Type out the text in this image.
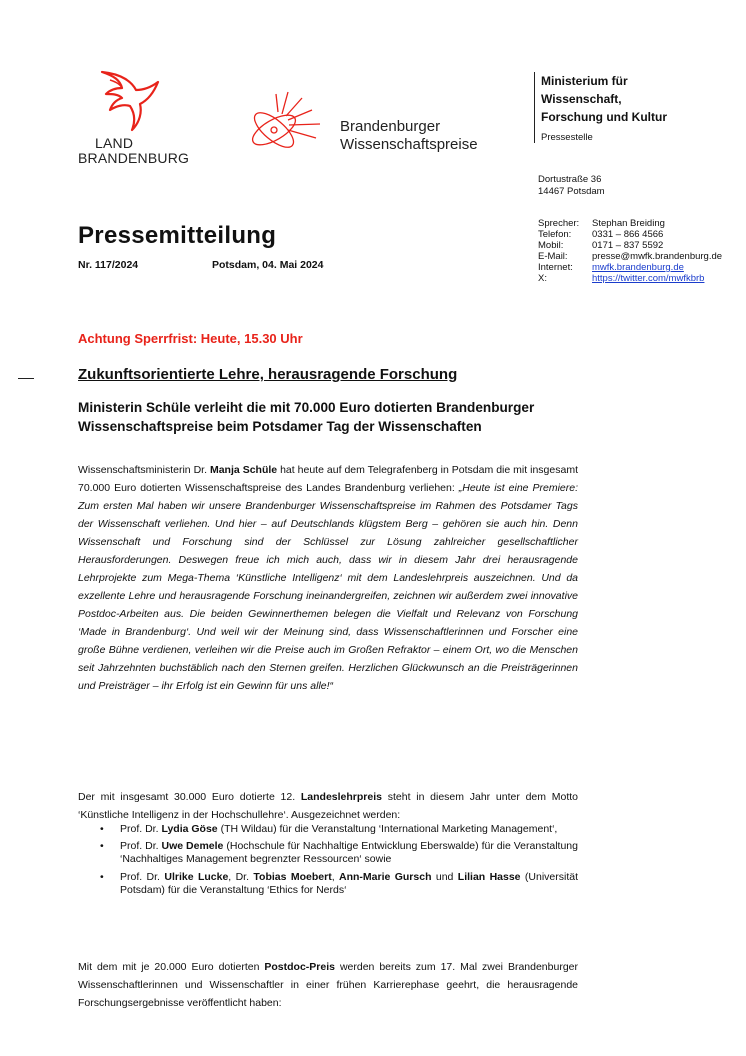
LAND
BRANDENBURG
Brandenburger
Wissenschaftspreise
Ministerium für
Wissenschaft,
Forschung und Kultur
Pressestelle
Dortustraße 36
14467 Potsdam
Sprecher:	Stephan Breiding
Telefon:	0331 – 866 4566
Mobil:	0171 – 837 5592
E-Mail:	presse@mwfk.brandenburg.de
Internet:	mwfk.brandenburg.de
X:	https://twitter.com/mwfkbrb
Pressemitteilung
Nr. 117/2024	Potsdam, 04. Mai 2024
Achtung Sperrfrist: Heute, 15.30 Uhr
Zukunftsorientierte Lehre, herausragende Forschung
Ministerin Schüle verleiht die mit 70.000 Euro dotierten Brandenburger Wissenschaftspreise beim Potsdamer Tag der Wissenschaften
Wissenschaftsministerin Dr. Manja Schüle hat heute auf dem Telegrafenberg in Potsdam die mit insgesamt 70.000 Euro dotierten Wissenschaftspreise des Landes Brandenburg verliehen: „Heute ist eine Premiere: Zum ersten Mal haben wir unsere Brandenburger Wissenschaftspreise im Rahmen des Potsdamer Tags der Wissenschaft verliehen. Und hier – auf Deutschlands klügstem Berg – gehören sie auch hin. Denn Wissenschaft und Forschung sind der Schlüssel zur Lösung zahlreicher gesellschaftlicher Herausforderungen. Deswegen freue ich mich auch, dass wir in diesem Jahr drei herausragende Lehrprojekte zum Mega-Thema ‘Künstliche Intelligenz‘ mit dem Landeslehrpreis auszeichnen. Und da exzellente Lehre und herausragende Forschung ineinandergreifen, zeichnen wir außerdem zwei innovative Postdoc-Arbeiten aus. Die beiden Gewinnerthemen belegen die Vielfalt und Relevanz von Forschung ‘Made in Brandenburg‘. Und weil wir der Meinung sind, dass Wissenschaftlerinnen und Forscher eine große Bühne verdienen, verleihen wir die Preise auch im Großen Refraktor – einem Ort, wo die Menschen seit Jahrzehnten buchstäblich nach den Sternen greifen. Herzlichen Glückwunsch an die Preisträgerinnen und Preisträger – ihr Erfolg ist ein Gewinn für uns alle!“
Der mit insgesamt 30.000 Euro dotierte 12. Landeslehrpreis steht in diesem Jahr unter dem Motto ‘Künstliche Intelligenz in der Hochschullehre‘. Ausgezeichnet werden:
• Prof. Dr. Lydia Göse (TH Wildau) für die Veranstaltung ‘International Marketing Management‘,
• Prof. Dr. Uwe Demele (Hochschule für Nachhaltige Entwicklung Eberswalde) für die Veranstaltung ‘Nachhaltiges Management begrenzter Ressourcen‘ sowie
• Prof. Dr. Ulrike Lucke, Dr. Tobias Moebert, Ann-Marie Gursch und Lilian Hasse (Universität Potsdam) für die Veranstaltung ‘Ethics for Nerds‘
Mit dem mit je 20.000 Euro dotierten Postdoc-Preis werden bereits zum 17. Mal zwei Brandenburger Wissenschaftlerinnen und Wissenschaftler in einer frühen Karrierephase geehrt, die herausragende Forschungsergebnisse veröffentlicht haben:
